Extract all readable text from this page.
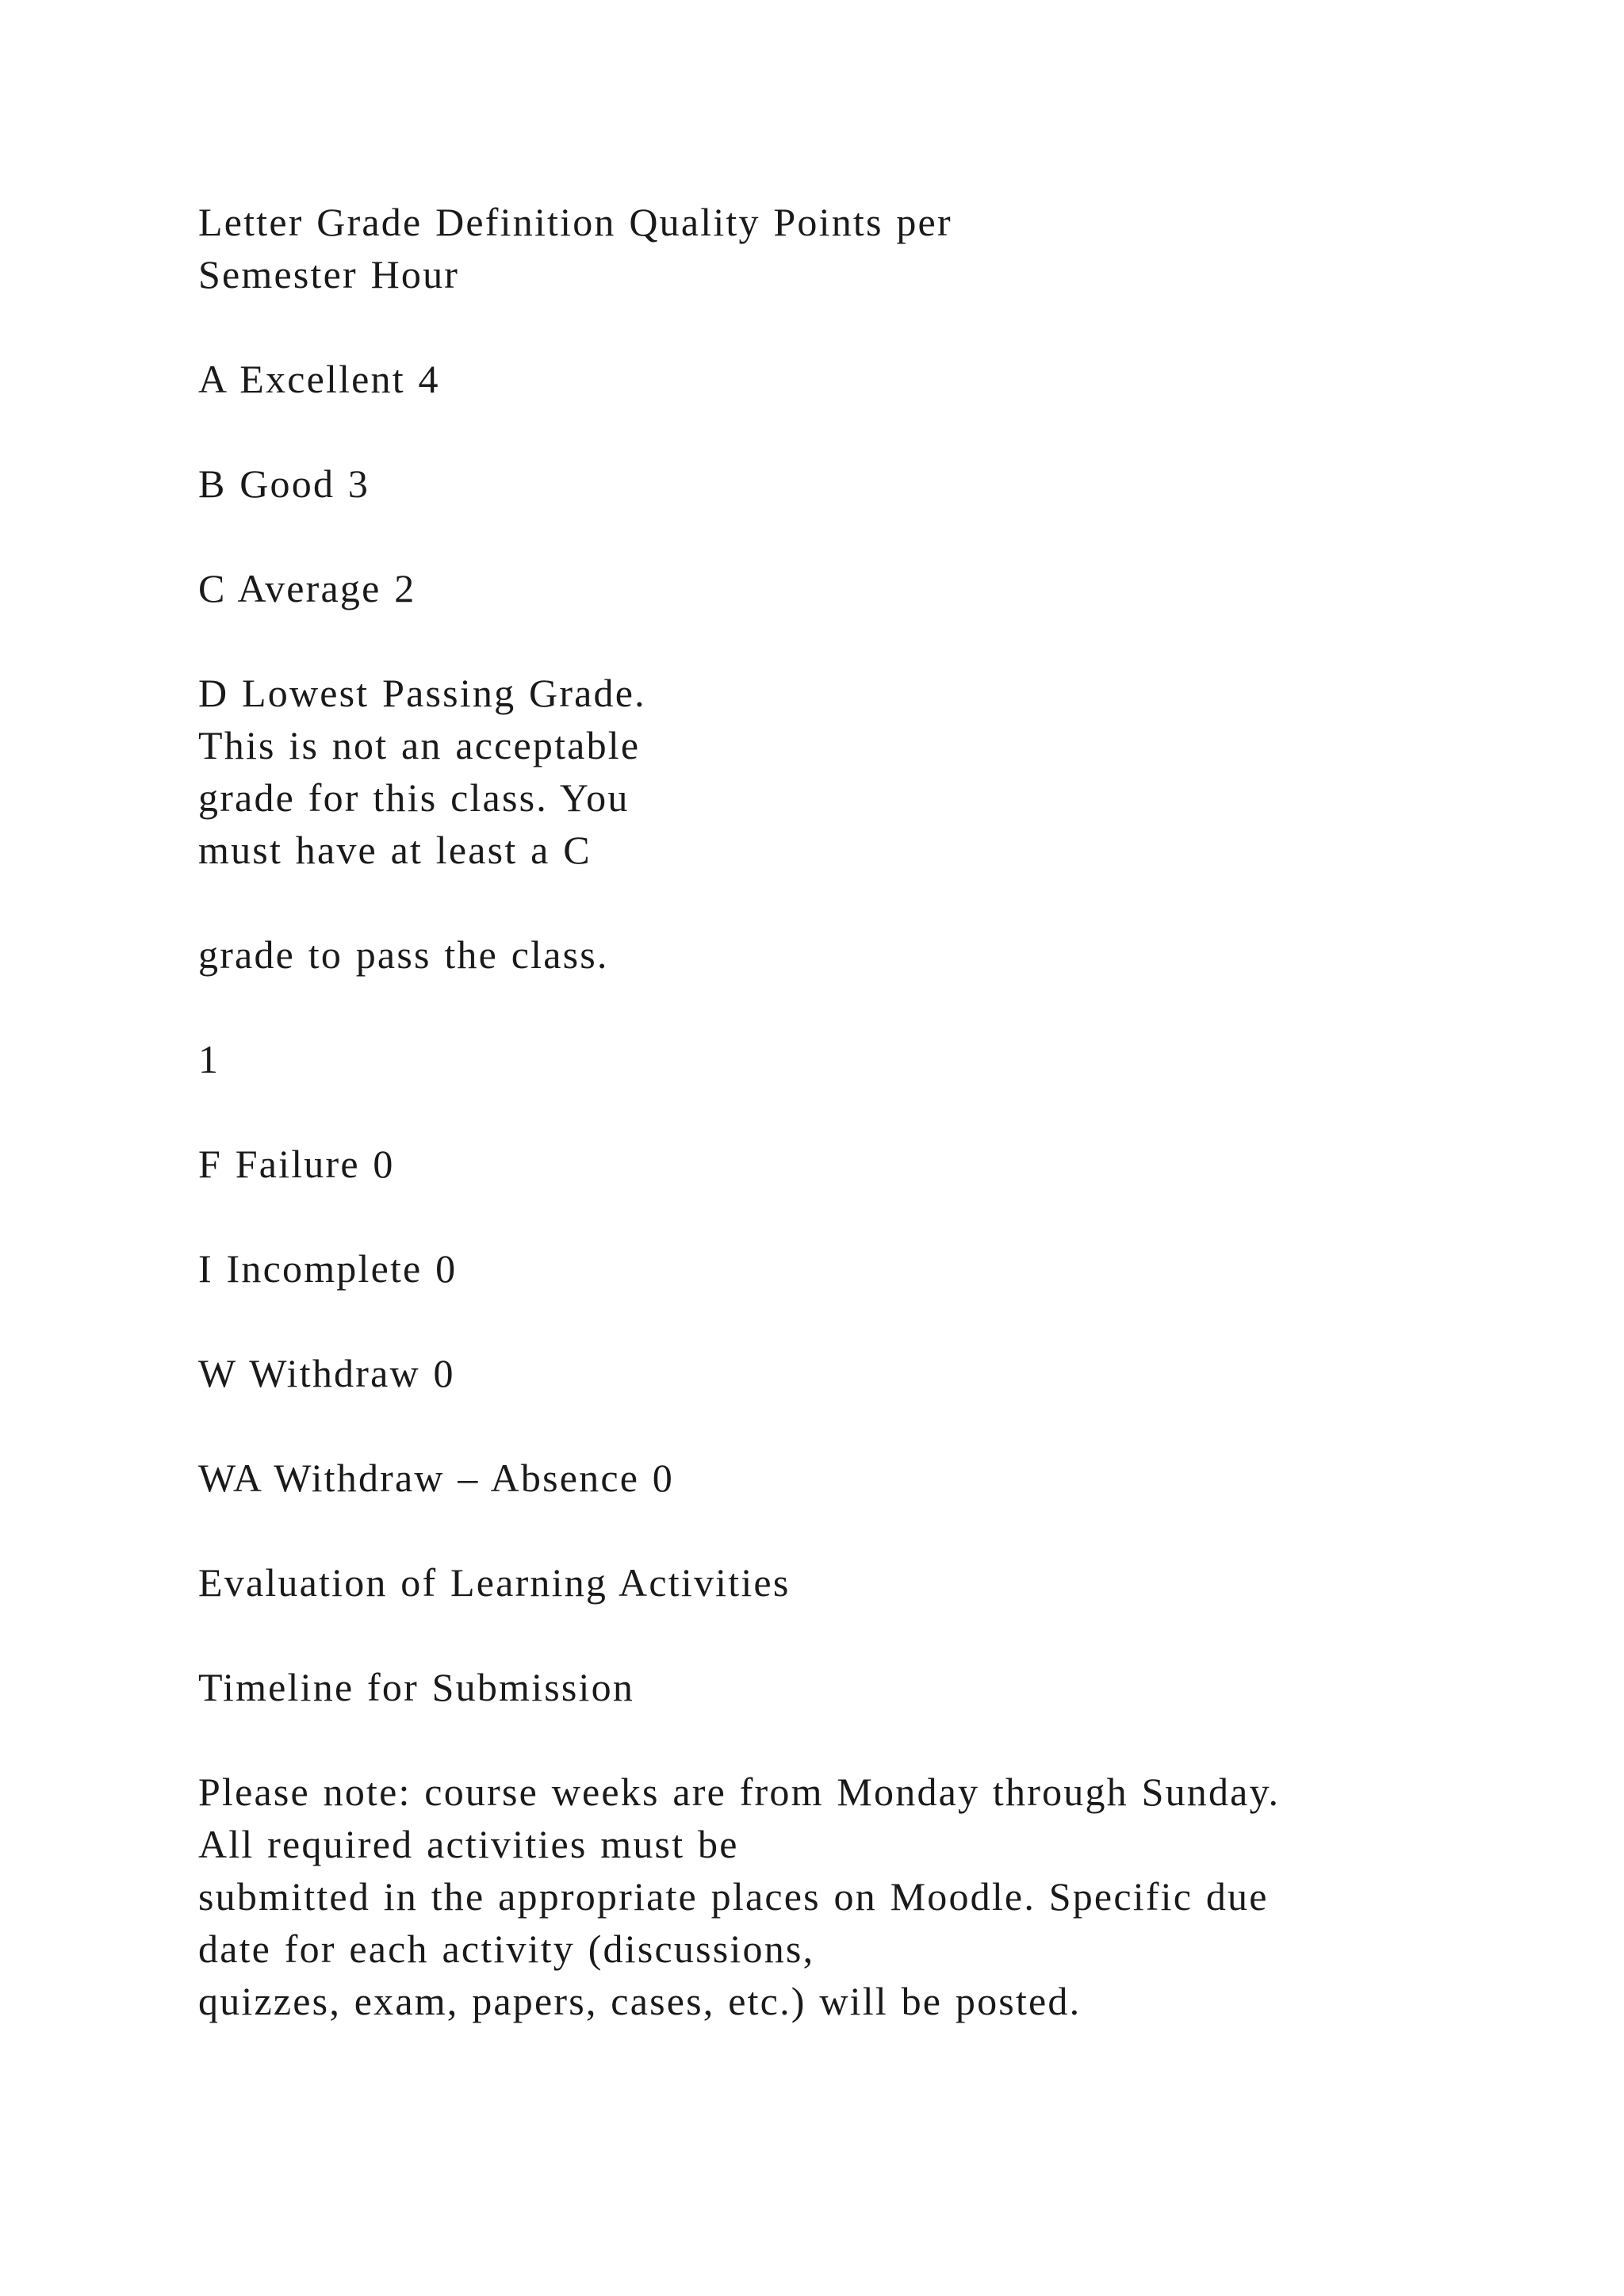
Letter Grade Definition Quality Points per

Semester Hour

A Excellent 4

B Good 3

C Average 2

D Lowest Passing Grade.

This is not an acceptable

grade for this class. You

must have at least a C

grade to pass the class.

1

F Failure 0

I Incomplete 0

W Withdraw 0

WA Withdraw – Absence 0

Evaluation of Learning Activities

Timeline for Submission

Please note: course weeks are from Monday through Sunday.

All required activities must be

submitted in the appropriate places on Moodle. Specific due

date for each activity (discussions,

quizzes, exam, papers, cases, etc.) will be posted.
